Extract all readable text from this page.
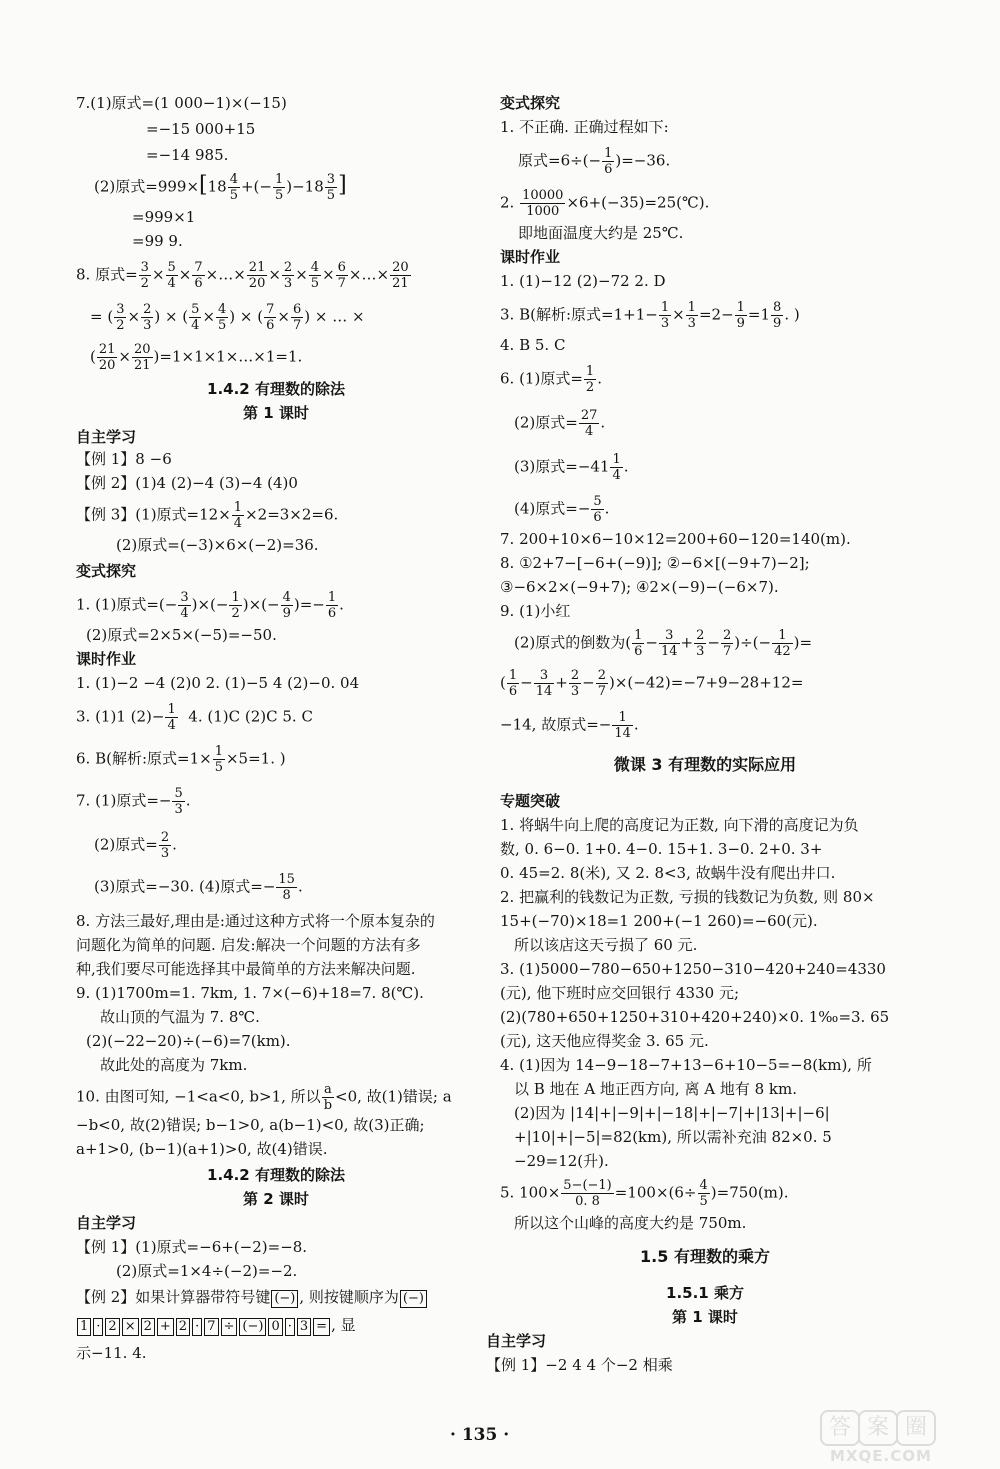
7.(1)原式=(1 000−1)×(−15)
=−15 000+15
=−14 985.
(2)原式$=999\times[18 \frac{4}{5}$ +(− $\frac{1}{5} )-18 \frac{3}{5}$ ]
=999×1
=99 9.
8. 原式= $\frac{3}{2} \times \frac{5}{4} \times \frac{7}{6}$ ×…× $\frac{21}{20} \times \frac{2}{3} \times \frac{4}{5} \times \frac{6}{7}$ ×…× $\frac{20}{21}$
= ( $\frac{3}{2} \times \frac{2}{3}$ ) × ( $\frac{5}{4} \times \frac{4}{5}$ ) × ( $\frac{7}{6} \times \frac{6}{7}$ ) × … ×
( $\frac{21}{20} \times \frac{20}{21}$ )=1×1×1×…×1=1.
1.4.2 有理数的除法
第 1 课时
自主学习
【例 1】8 −6
【例 2】(1)4 (2)−4 (3)−4 (4)0
【例 3】(1)原式$=12\times \frac{1}{4} \times 2=3\times 2=6$.
(2)原式=(−3)×6×(−2)=36.
变式探究
1. (1)原式=(− $\frac{3}{4}$ )×(− $\frac{1}{2}$ )×(− $\frac{4}{9}$ )=− $\frac{1}{6}$ .
(2)原式=2×5×(−5)=−50.
课时作业
1. (1)−2 −4 (2)0 2. (1)−5 4 (2)−0. 04
3. (1)1 $(2)- \frac{1}{4} 4$. (1)C (2)C 5. C
6. B(解析:原式$=1\times \frac{1}{5} \times 5=1$. )
7. (1)原式=− $\frac{5}{3}$ .
(2)原式= $\frac{2}{3}$ .
(3)原式=−30. (4)原式=− $\frac{15}{8}$ .
8. 方法三最好,理由是:通过这种方式将一个原本复杂的
问题化为简单的问题. 启发:解决一个问题的方法有多
种,我们要尽可能选择其中最简单的方法来解决问题.
9. (1)1700m=1. 7km, 1. 7×(−6)+18=7. 8(℃).
故山顶的气温为 7. 8℃.
(2)(−22−20)÷(−6)=7(km).
故此处的高度为 7km.
10. 由图可知, −1<a<0, b>1, 所以 $\frac{a}{b} <0$, 故(1)错误; a
−b<0, 故(2)错误; b−1>0, a(b−1)<0, 故(3)正确;
a+1>0, (b−1)(a+1)>0, 故(4)错误.
1.4.2 有理数的除法
第 2 课时
自主学习
【例 1】(1)原式=−6+(−2)=−8.
(2)原式=1×4÷(−2)=−2.
【例 2】如果计算器带符号键 (−) , 则按键顺序为 (−)
1 · 2 × 2 + 2 · 7 ÷ (−) 0 · 3 = , 显
示−11. 4.
变式探究
1. 不正确. 正确过程如下:
原式$=6\div(- \frac{1}{6} )=-36$.
2. $\frac{10000}{1000}$ ×6+(−35)=25(℃).
即地面温度大约是 25℃.
课时作业
1. (1)−12 (2)−72 2. D
3. B(解析:原式$=1+1- \frac{1}{3} \times \frac{1}{3} =2- \frac{1}{9} =1 \frac{8}{9}$ . )
4. B 5. C
6. (1)原式= $\frac{1}{2}$ .
(2)原式= $\frac{27}{4}$ .
(3)原式$=-41 \frac{1}{4}$ .
(4)原式=− $\frac{5}{6}$ .
7. 200+10×6−10×12=200+60−120=140(m).
8. ①2+7−[−6+(−9)]; ②−6×[(−9+7)−2];
③−6×2×(−9+7); ④2×(−9)−(−6×7).
9. (1)小红
(2)原式的倒数为( $\frac{1}{6} - \frac{3}{14} + \frac{2}{3} - \frac{2}{7}$ )÷(− $\frac{1}{42}$ )=
( $\frac{1}{6} - \frac{3}{14} + \frac{2}{3} - \frac{2}{7} )\times(-42)=-7+9-28+12=$
−14, 故原式=− $\frac{1}{14}$ .
微课 3 有理数的实际应用
专题突破
1. 将蜗牛向上爬的高度记为正数, 向下滑的高度记为负
数, 0. 6−0. 1+0. 4−0. 15+1. 3−0. 2+0. 3+
0. 45=2. 8(米), 又 2. 8<3, 故蜗牛没有爬出井口.
2. 把赢利的钱数记为正数, 亏损的钱数记为负数, 则 80×
15+(−70)×18=1 200+(−1 260)=−60(元).
所以该店这天亏损了 60 元.
3. (1)5000−780−650+1250−310−420+240=4330
(元), 他下班时应交回银行 4330 元;
(2)(780+650+1250+310+420+240)×0. 1‰=3. 65
(元), 这天他应得奖金 3. 65 元.
4. (1)因为 14−9−18−7+13−6+10−5=−8(km), 所
以 B 地在 A 地正西方向, 离 A 地有 8 km.
(2)因为 |14|+|−9|+|−18|+|−7|+|13|+|−6|
+|10|+|−5|=82(km), 所以需补充油 82×0. 5
−29=12(升).
5. $100\times \frac{5-(-1)}{0. 8} =100\times(6\div \frac{4}{5} )=750(m)$.
所以这个山峰的高度大约是 750m.
1.5 有理数的乘方
1.5.1 乘方
第 1 课时
自主学习
【例 1】−2 4 4 个−2 相乘
· 135 ·	答 案 圈
MXQE.COM
